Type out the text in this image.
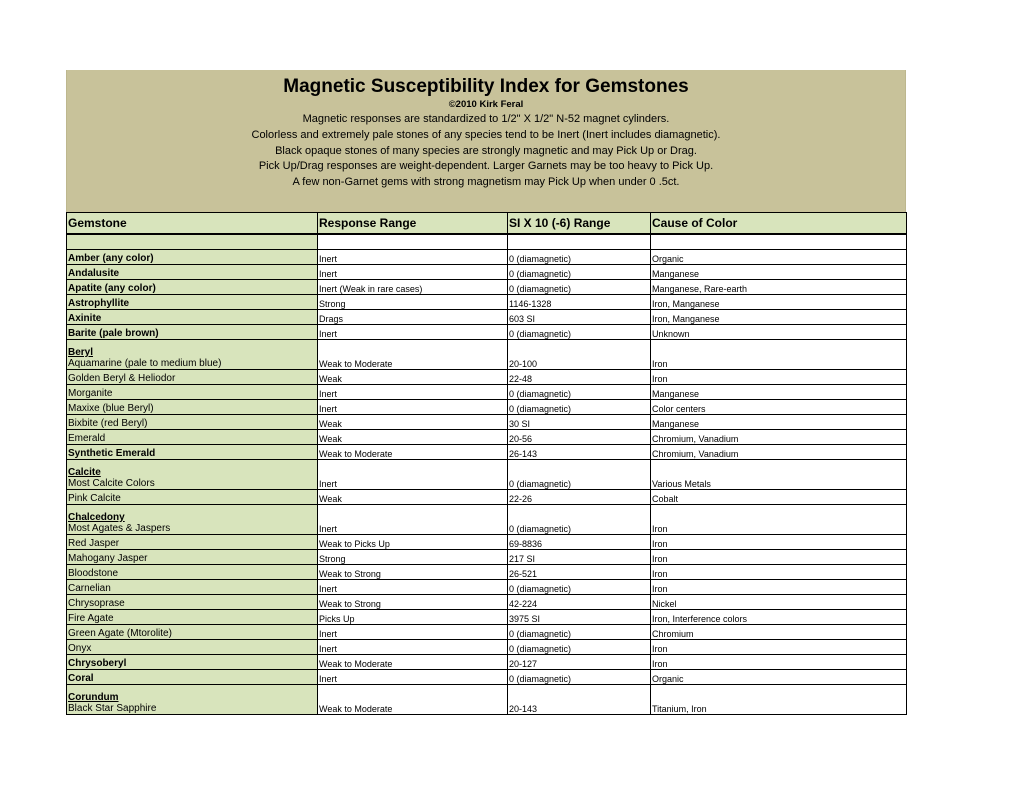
Magnetic Susceptibility Index for Gemstones
©2010 Kirk Feral
Magnetic responses are standardized to 1/2" X 1/2" N-52 magnet cylinders.
Colorless and extremely pale stones of any species tend to be Inert (Inert includes diamagnetic).
Black opaque stones of many species are strongly magnetic and may Pick Up or Drag.
Pick Up/Drag responses are weight-dependent. Larger Garnets may be too heavy to Pick Up.
A few non-Garnet gems with strong magnetism may Pick Up when under 0 .5ct.
Gemstone	Response Range	SI X 10 (-6) Range	Cause of Color

Amber (any color)	Inert	0 (diamagnetic)	Organic
Andalusite	Inert	0 (diamagnetic)	Manganese
Apatite (any color)	Inert (Weak in rare cases)	0 (diamagnetic)	Manganese, Rare-earth
Astrophyllite	Strong	1146-1328	Iron, Manganese
Axinite	Drags	603 SI	Iron, Manganese
Barite (pale brown)	Inert	0 (diamagnetic)	Unknown

Beryl
Aquamarine (pale to medium blue)	Weak to Moderate	20-100	Iron
Golden Beryl & Heliodor	Weak	22-48	Iron
Morganite	Inert	0 (diamagnetic)	Manganese
Maxixe (blue Beryl)	Inert	0 (diamagnetic)	Color centers
Bixbite (red Beryl)	Weak	30 SI	Manganese
Emerald	Weak	20-56	Chromium, Vanadium
Synthetic Emerald	Weak to Moderate	26-143	Chromium, Vanadium

Calcite
Most Calcite Colors	Inert	0 (diamagnetic)	Various Metals
Pink Calcite	Weak	22-26	Cobalt

Chalcedony
Most Agates & Jaspers	Inert	0 (diamagnetic)	Iron
Red Jasper	Weak to Picks Up	69-8836	Iron
Mahogany Jasper	Strong	217 SI	Iron
Bloodstone	Weak to Strong	26-521	Iron
Carnelian	Inert	0 (diamagnetic)	Iron
Chrysoprase	Weak to Strong	42-224	Nickel
Fire Agate	Picks Up	3975 SI	Iron, Interference colors
Green Agate (Mtorolite)	Inert	0 (diamagnetic)	Chromium
Onyx	Inert	0 (diamagnetic)	Iron
Chrysoberyl	Weak to Moderate	20-127	Iron
Coral	Inert	0 (diamagnetic)	Organic

Corundum
Black Star Sapphire	Weak to Moderate	20-143	Titanium, Iron
